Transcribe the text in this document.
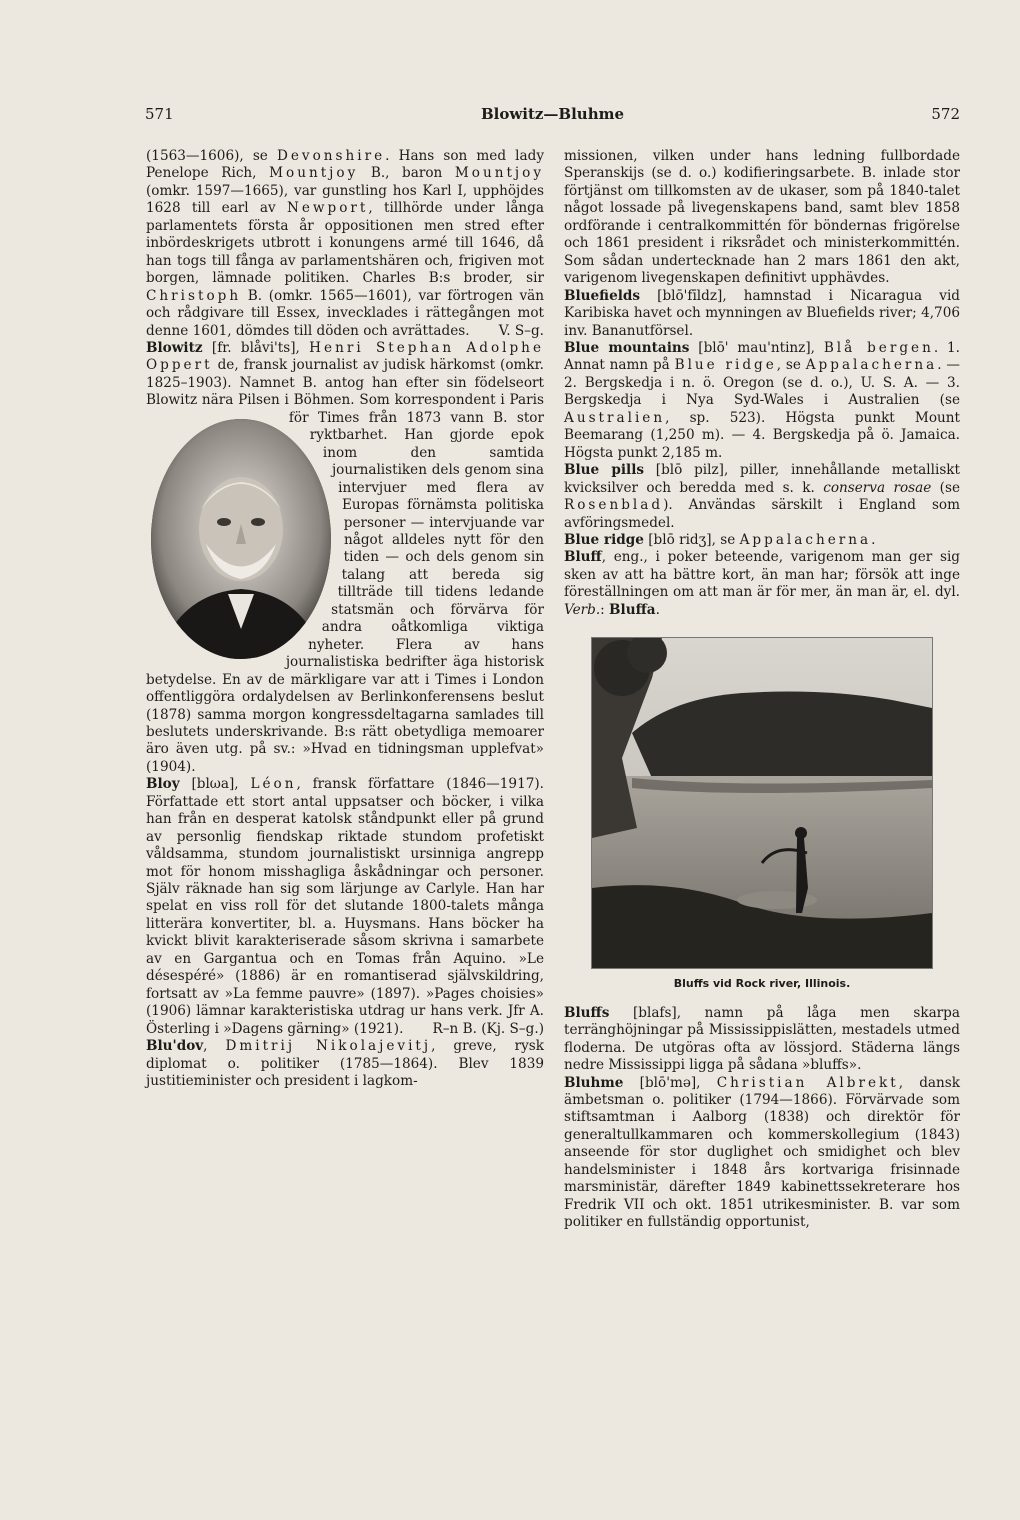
571	Blowitz—Bluhme	572

(1563—1606), se Devonshire. Hans son med lady Penelope Rich, Mountjoy B., baron Mountjoy (omkr. 1597—1665), var gunstling hos Karl I, upphöjdes 1628 till earl av Newport, tillhörde under långa parlamentets första år oppositionen men stred efter inbördeskrigets utbrott i konungens armé till 1646, då han togs till fånga av parlamentshären och, frigiven mot borgen, lämnade politiken. Charles B:s broder, sir Christoph B. (omkr. 1565—1601), var förtrogen vän och rådgivare till Essex, invecklades i rättegången mot denne 1601, dömdes till döden och avrättades. V. S–g.

Blowitz [fr. blåvi'ts], Henri Stephan Adolphe Oppert de, fransk journalist av judisk härkomst (omkr. 1825–1903). Namnet B. antog han efter sin födelseort Blowitz nära Pilsen i Böhmen.
Som korrespondent i Paris för Times från 1873 vann B. stor ryktbarhet. Han gjorde epok inom den samtida journalistiken dels genom sina intervjuer med flera av Europas förnämsta politiska personer — intervjuande var något alldeles nytt för den tiden — och dels genom sin talang att bereda sig tillträde till tidens ledande statsmän och förvärva för andra oåtkomliga viktiga nyheter. Flera av hans journalistiska bedrifter äga historisk betydelse. En av de märkligare var att i Times i London offentliggöra ordalydelsen av Berlinkonferensens beslut (1878) samma morgon kongressdeltagarna samlades till beslutets underskrivande. B:s rätt obetydliga memoarer äro även utg. på sv.: »Hvad en tidningsman upplefvat» (1904).

Bloy [blωa], Léon, fransk författare (1846—1917). Författade ett stort antal uppsatser och böcker, i vilka han från en desperat katolsk ståndpunkt eller på grund av personlig fiendskap riktade stundom profetiskt våldsamma, stundom journalistiskt ursinniga angrepp mot för honom misshagliga åskådningar och personer. Själv räknade han sig som lärjunge av Carlyle. Han har spelat en viss roll för det slutande 1800-talets många litterära konvertiter, bl. a. Huysmans. Hans böcker ha kvickt blivit karakteriserade såsom skrivna i samarbete av en Gargantua och en Tomas från Aquino. »Le désespéré» (1886) är en romantiserad självskildring, fortsatt av »La femme pauvre» (1897). »Pages choisies» (1906) lämnar karakteristiska utdrag ur hans verk. Jfr A. Österling i »Dagens gärning» (1921). R–n B. (Kj. S–g.)

Blu'dov, Dmitrij Nikolajevitj, greve, rysk diplomat o. politiker (1785—1864). Blev 1839 justitieminister och president i lagkom-

missionen, vilken under hans ledning fullbordade Speranskijs (se d. o.) kodifieringsarbete. B. inlade stor förtjänst om tillkomsten av de ukaser, som på 1840-talet något lossade på livegenskapens band, samt blev 1858 ordförande i centralkommittén för böndernas frigörelse och 1861 president i riksrådet och ministerkommittén. Som sådan undertecknade han 2 mars 1861 den akt, varigenom livegenskapen definitivt upphävdes.

Bluefields [blō'fīldz], hamnstad i Nicaragua vid Karibiska havet och mynningen av Bluefields river; 4,706 inv. Bananutförsel.

Blue mountains [blō' mau'ntinz], Blå bergen. 1. Annat namn på Blue ridge, se Appalacherna. — 2. Bergskedja i n. ö. Oregon (se d. o.), U. S. A. — 3. Bergskedja i Nya Syd-Wales i Australien (se Australien, sp. 523). Högsta punkt Mount Beemarang (1,250 m). — 4. Bergskedja på ö. Jamaica. Högsta punkt 2,185 m.

Blue pills [blō pilz], piller, innehållande metalliskt kvicksilver och beredda med s. k. conserva rosae (se Rosenblad). Användas särskilt i England som avföringsmedel.

Blue ridge [blō ridʒ], se Appalacherna.

Bluff, eng., i poker beteende, varigenom man ger sig sken av att ha bättre kort, än man har; försök att inge föreställningen om att man är för mer, än man är, el. dyl. Verb.: Bluffa.

Bluffs vid Rock river, Illinois.

Bluffs [blafs], namn på låga men skarpa terränghöjningar på Mississippislätten, mestadels utmed floderna. De utgöras ofta av lössjord. Städerna längs nedre Mississippi ligga på sådana »bluffs».

Bluhme [blō'mə], Christian Albrekt, dansk ämbetsman o. politiker (1794—1866). Förvärvade som stiftsamtman i Aalborg (1838) och direktör för generaltullkammaren och kommerskollegium (1843) anseende för stor duglighet och smidighet och blev handelsminister i 1848 års kortvariga frisinnade marsministär, därefter 1849 kabinettssekreterare hos Fredrik VII och okt. 1851 utrikesminister. B. var som politiker en fullständig opportunist,
